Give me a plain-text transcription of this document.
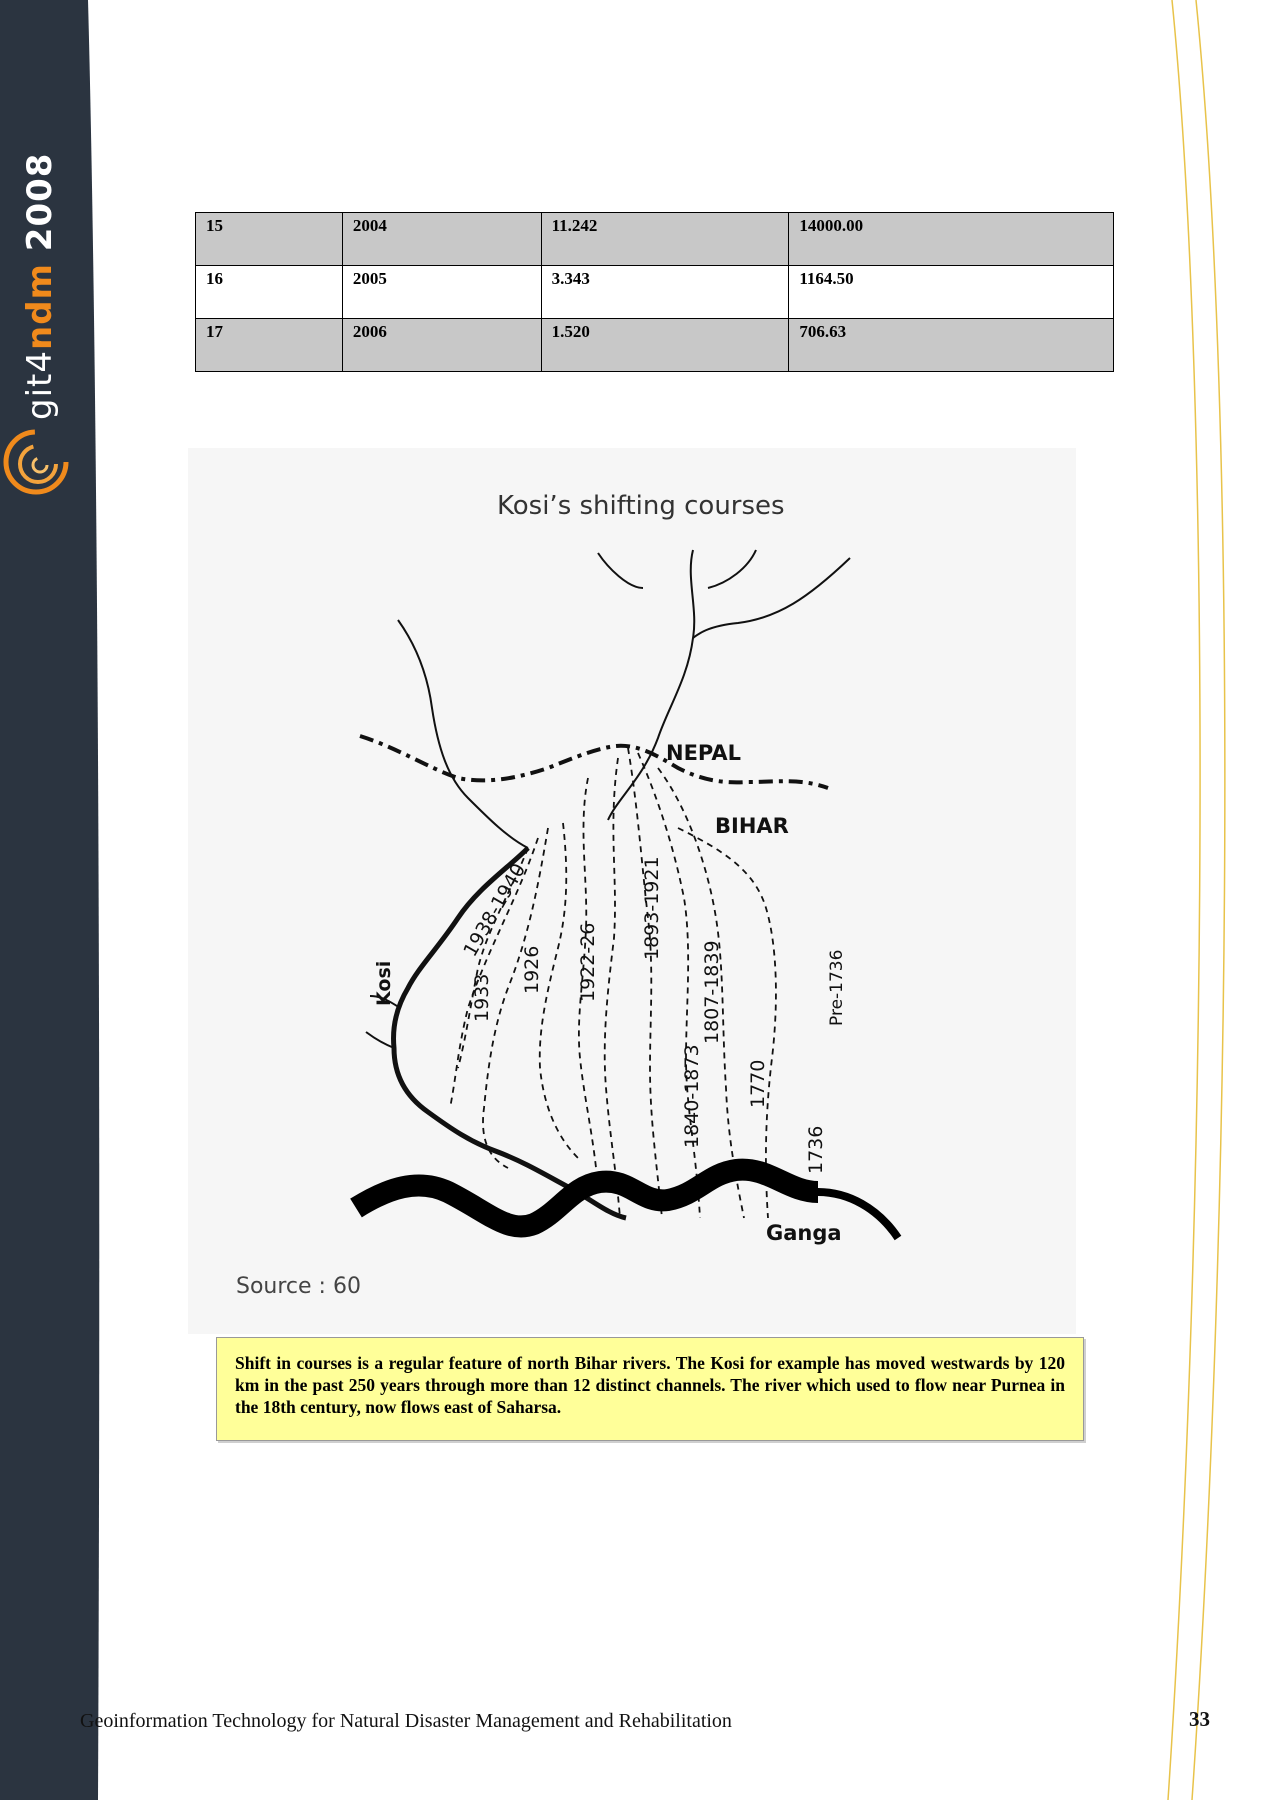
git4ndm 2008	15	2004	11.242	14000.00
16	2005	3.343	1164.50
17	2006	1.520	706.63
Kosi’s shifting courses
NEPAL
BIHAR
Kosi
Ganga
1938-1940
1933
1926 1922-26
1893-1921
1840-1873
1807-1839
1770
1736
Pre-1736
Source : 60
Shift in courses is a regular feature of north Bihar rivers. The Kosi for example has moved westwards by 120 km in the past 250 years through more than 12 distinct channels. The river which used to flow near Purnea in the 18th century, now flows east of Saharsa.
Geoinformation Technology for Natural Disaster Management and Rehabilitation	33
